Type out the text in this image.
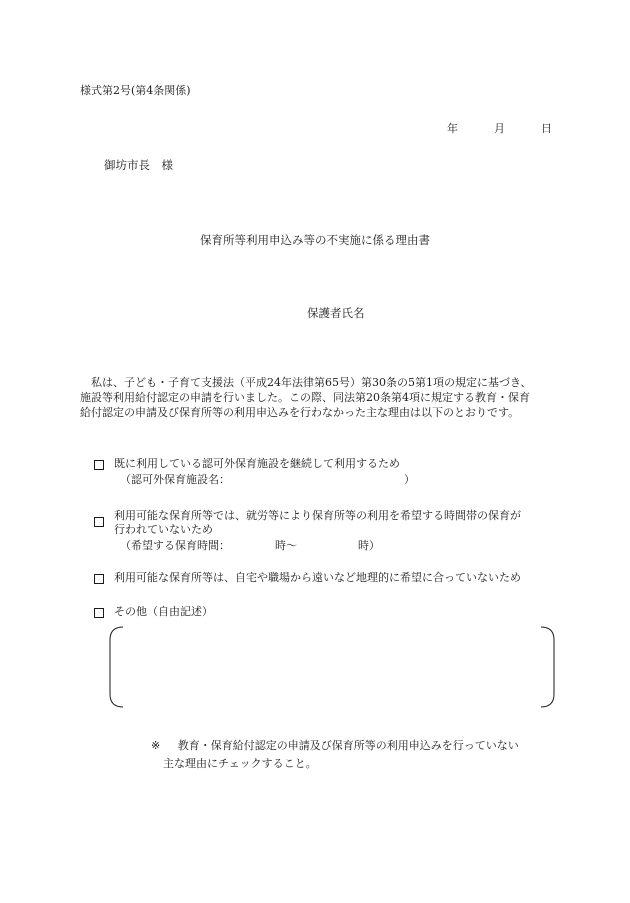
様式第2号(第4条関係)
年	月	日
御坊市長　様
保育所等利用申込み等の不実施に係る理由書
保護者氏名

　私は、子ども・子育て支援法（平成24年法律第65号）第30条の5第1項の規定に基づき、

施設等利用給付認定の申請を行いました。この際、同法第20条第4項に規定する教育・保育

給付認定の申請及び保育所等の利用申込みを行わなかった主な理由は以下のとおりです。

既に利用している認可外保育施設を継続して利用するため
（認可外保育施設名：	）
利用可能な保育所等では、就労等により保育所等の利用を希望する時間帯の保育が
行われていないため
（希望する保育時間：	時～	時）
利用可能な保育所等は、自宅や職場から遠いなど地理的に希望に合っていないため
その他（自由記述）
※ 教育・保育給付認定の申請及び保育所等の利用申込みを行っていない
主な理由にチェックすること。
